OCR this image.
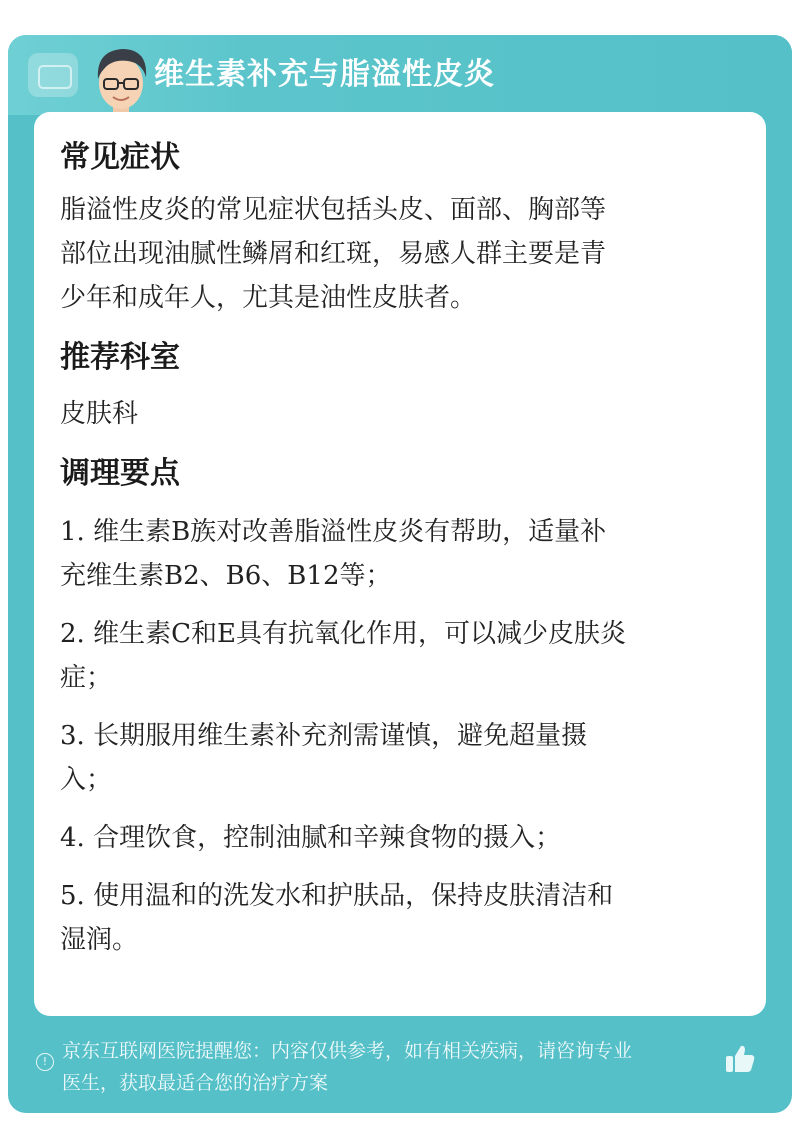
维生素补充与脂溢性皮炎
! 京东互联网医院提醒您：内容仅供参考，如有相关疾病，请咨询专业
医生，获取最适合您的治疗方案
常见症状

脂溢性皮炎的常见症状包括头皮、面部、胸部等

部位出现油腻性鳞屑和红斑，易感人群主要是青

少年和成年人，尤其是油性皮肤者。

推荐科室

皮肤科

调理要点

1. 维生素B族对改善脂溢性皮炎有帮助，适量补

充维生素B2、B6、B12等；

2. 维生素C和E具有抗氧化作用，可以减少皮肤炎

症；

3. 长期服用维生素补充剂需谨慎，避免超量摄

入；

4. 合理饮食，控制油腻和辛辣食物的摄入；

5. 使用温和的洗发水和护肤品，保持皮肤清洁和

湿润。
